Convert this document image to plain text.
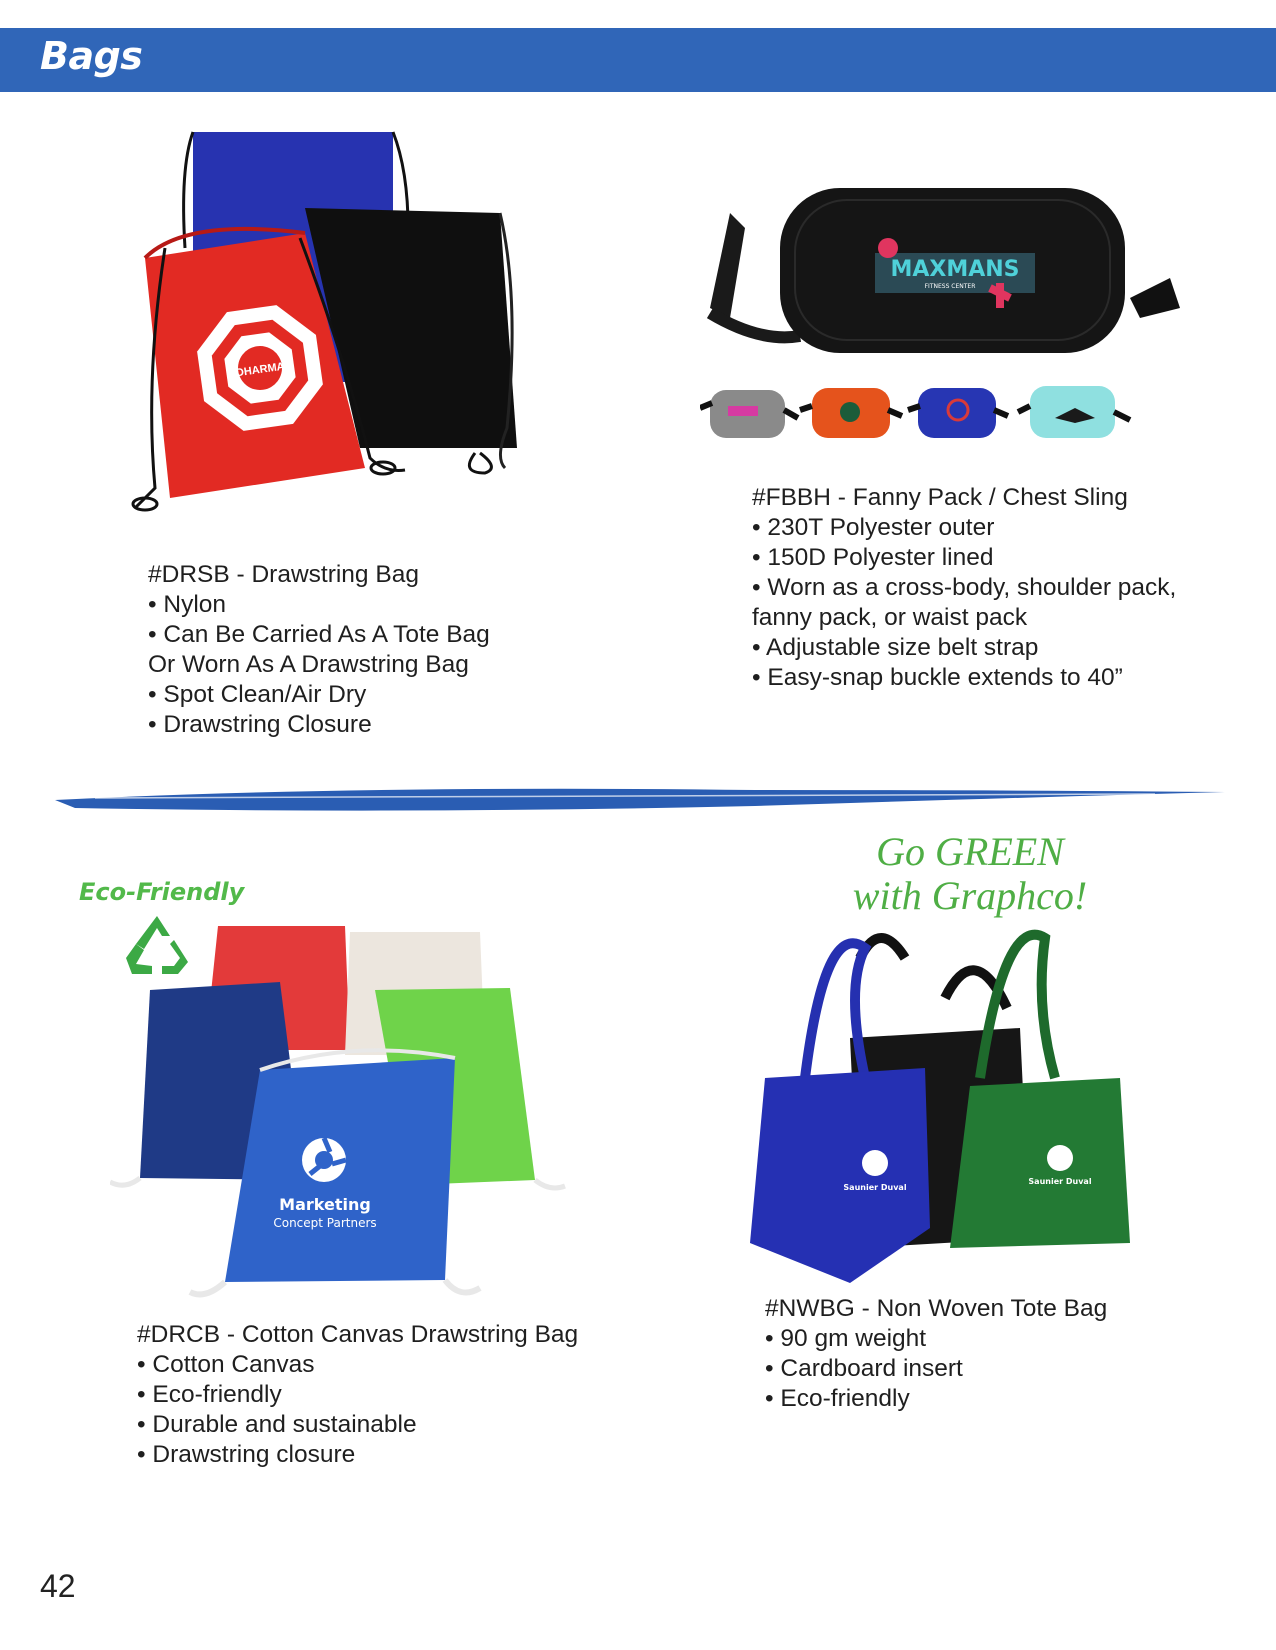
Bags
DHARMA
#DRSB - Drawstring Bag
• Nylon
• Can Be Carried As A Tote Bag
Or Worn As A Drawstring Bag
• Spot Clean/Air Dry
• Drawstring Closure
MAXMANS
FITNESS CENTER
#FBBH - Fanny Pack / Chest Sling
• 230T Polyester outer
• 150D Polyester lined
• Worn as a cross-body, shoulder pack,
fanny pack, or waist pack
• Adjustable size belt strap
• Easy-snap buckle extends to 40”

Eco-Friendly

Marketing
Concept Partners
#DRCB - Cotton Canvas Drawstring Bag
• Cotton Canvas
• Eco-friendly
• Durable and sustainable
• Drawstring closure
Go GREEN
with Graphco!
Saunier Duval
Saunier Duval
#NWBG - Non Woven Tote Bag
• 90 gm weight
• Cardboard insert
• Eco-friendly
42
